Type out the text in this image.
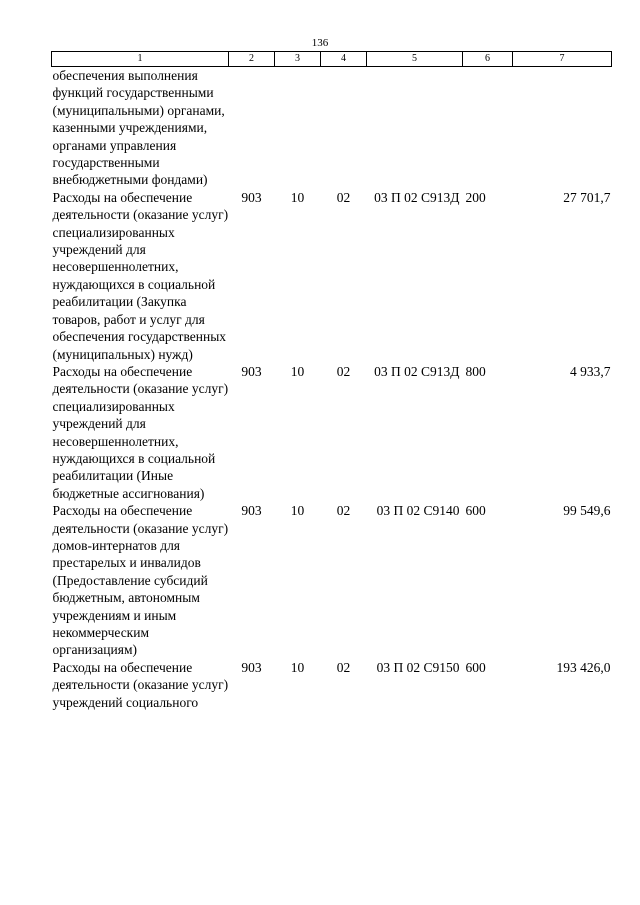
136
1	2	3	4	5	6	7
обеспечения выполнения функций государственными (муниципальными) органами, казенными учреждениями, органами управления государственными внебюджетными фондами)						
Расходы на обеспечение деятельности (оказание услуг) специализированных учреждений для несовершеннолетних, нуждающихся в социальной реабилитации (Закупка товаров, работ и услуг для обеспечения государственных (муниципальных) нужд)	903	10	02	03 П 02 С913Д	200	27 701,7
Расходы на обеспечение деятельности (оказание услуг) специализированных учреждений для несовершеннолетних, нуждающихся в социальной реабилитации (Иные бюджетные ассигнования)	903	10	02	03 П 02 С913Д	800	4 933,7
Расходы на обеспечение деятельности (оказание услуг) домов-интернатов для престарелых и инвалидов (Предоставление субсидий бюджетным, автономным учреждениям и иным некоммерческим организациям)	903	10	02	03 П 02 С9140	600	99 549,6
Расходы на обеспечение деятельности (оказание услуг) учреждений социального	903	10	02	03 П 02 С9150	600	193 426,0
